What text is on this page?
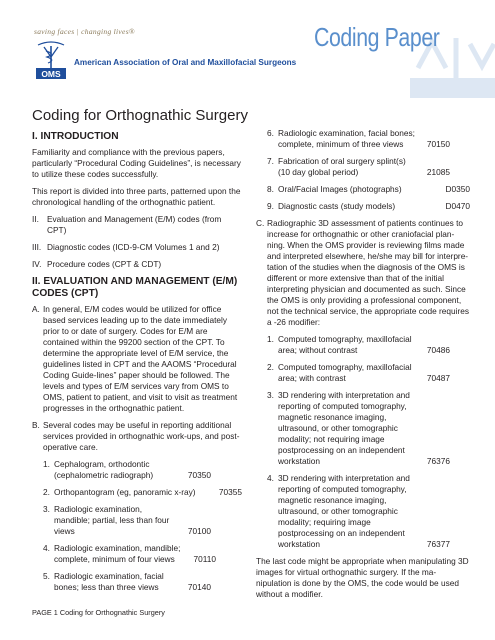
saving faces | changing lives®
OMS
American Association of Oral and Maxillofacial Surgeons
Coding Paper
Coding for Orthognathic Surgery
I. INTRODUCTION

Familiarity and compliance with the previous papers, particularly “Procedural Coding Guidelines”, is necessary to utilize these codes successfully.

This report is divided into three parts, patterned upon the chronological handling of the orthognathic patient.

II. Evaluation and Management (E/M) codes (from CPT)
III. Diagnostic codes (ICD-9-CM Volumes 1 and 2)
IV. Procedure codes (CPT & CDT)
II. EVALUATION AND MANAGEMENT (E/M) CODES (CPT)
A. In general, E/M codes would be utilized for office based services leading up to the date immediately prior to or date of surgery. Codes for E/M are contained within the 99200 section of the CPT. To determine the appropriate level of E/M service, the guidelines listed in CPT and the AAOMS “Procedural Coding Guide-lines” paper should be followed. The levels and types of E/M services vary from OMS to OMS, patient to patient, and visit to visit as treatment progresses in the orthognathic patient.
B. Several codes may be useful in reporting additional services provided in orthognathic work-ups, and post-operative care.
1. Cephalogram, orthodontic (cephalometric radiograph)	70350
2. Orthopantogram (eg, panoramic x-ray)	70355
3. Radiologic examination, mandible; partial, less than four views	70100
4. Radiologic examination, mandible; complete, minimum of four views	70110
5. Radiologic examination, facial bones; less than three views	70140
6. Radiologic examination, facial bones; complete, minimum of three views	70150
7. Fabrication of oral surgery splint(s) (10 day global period)	21085
8. Oral/Facial Images (photographs)	D0350
9. Diagnostic casts (study models)	D0470
C. Radiographic 3D assessment of patients continues to increase for orthognathic or other craniofacial plan-ning. When the OMS provider is reviewing films made and interpreted elsewhere, he/she may bill for interpre-tation of the studies when the diagnosis of the OMS is different or more extensive than that of the initial interpreting physician and documented as such. Since the OMS is only providing a professional component, not the technical service, the appropriate code requires a -26 modifier:
1. Computed tomography, maxillofacial area; without contrast	70486
2. Computed tomography, maxillofacial area; with contrast	70487
3. 3D rendering with interpretation and reporting of computed tomography, magnetic resonance imaging, ultrasound, or other tomographic modality; not requiring image postprocessing on an independent workstation	76376
4. 3D rendering with interpretation and reporting of computed tomography, magnetic resonance imaging, ultrasound, or other tomographic modality; requiring image postprocessing on an independent workstation	76377

The last code might be appropriate when manipulating 3D images for virtual orthognathic surgery. If the ma-nipulation is done by the OMS, the code would be used without a modifier.

PAGE 1 Coding for Orthognathic Surgery
